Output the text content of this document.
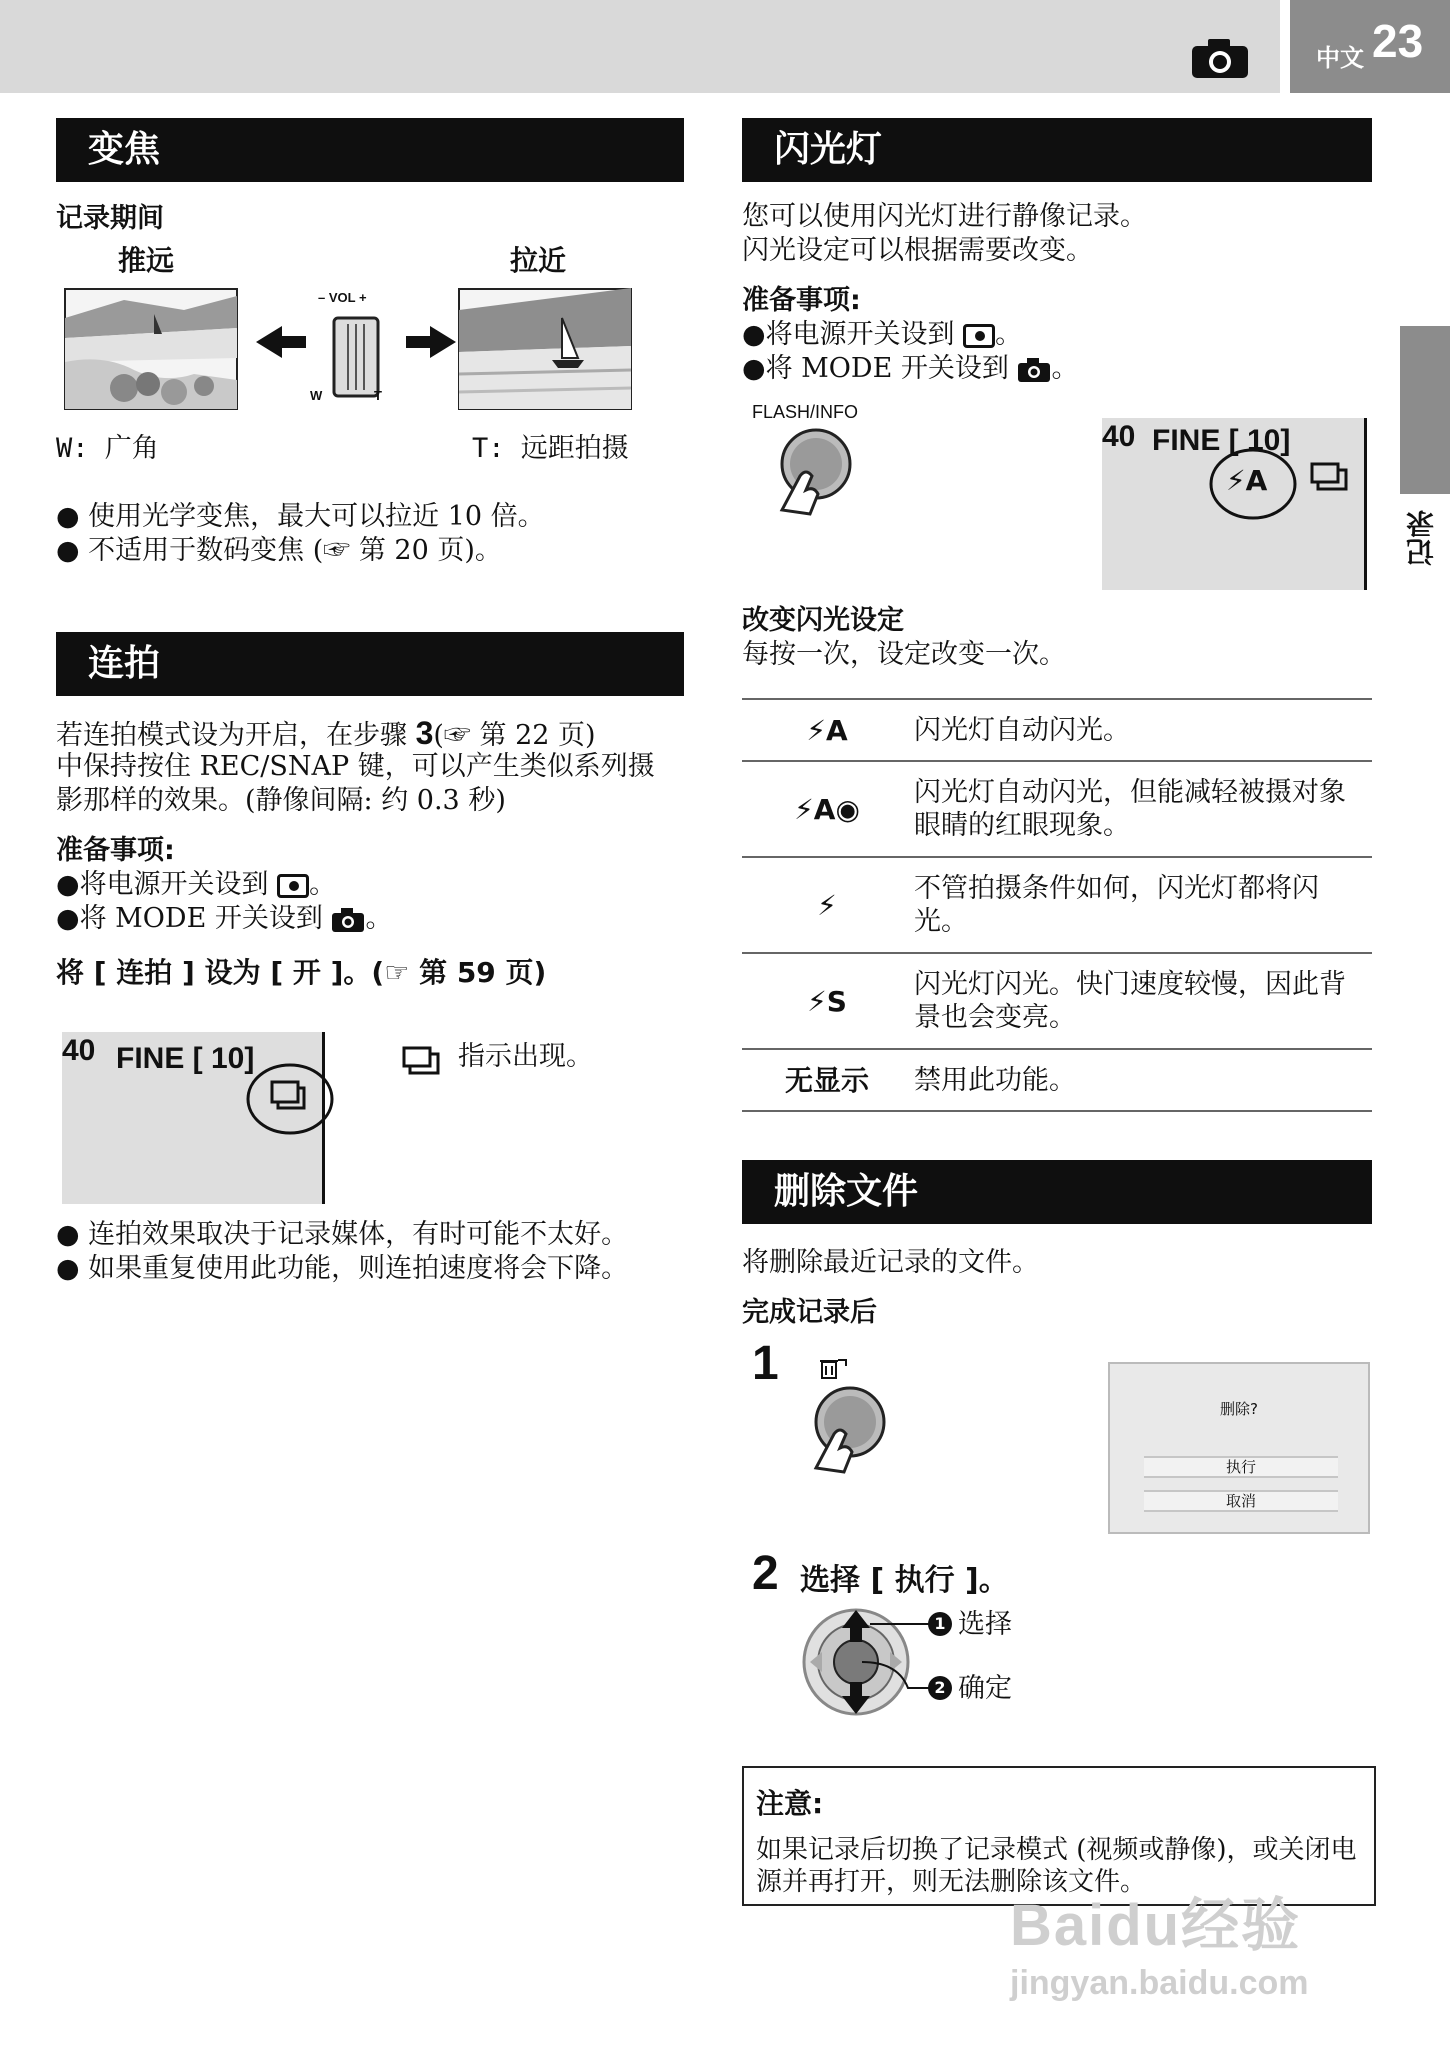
中文 23
记录
变焦
记录期间
推远	拉近
– VOL +
W	T
W: 广角	T: 远距拍摄
● 使用光学变焦，最大可以拉近 10 倍。
● 不适用于数码变焦 (☞ 第 20 页)。
连拍
若连拍模式设为开启，在步骤 3(☞ 第 22 页)
中保持按住 REC/SNAP 键，可以产生类似系列摄
影那样的效果。(静像间隔: 约 0.3 秒)
准备事项:
●将电源开关设到
。
●将 MODE 开关设到 。
将 [ 连拍 ] 设为 [ 开 ]。(☞ 第 59 页)
40 FINE [ 10]	指示出现。
● 连拍效果取决于记录媒体，有时可能不太好。
● 如果重复使用此功能，则连拍速度将会下降。
闪光灯
您可以使用闪光灯进行静像记录。
闪光设定可以根据需要改变。
准备事项:
●将电源开关设到
。
●将 MODE 开关设到 。
FLASH/INFO
40 FINE [ 10]
⚡A
改变闪光设定
每按一次，设定改变一次。
⚡A	闪光灯自动闪光。
⚡A◉	闪光灯自动闪光，但能减轻被摄对象眼睛的红眼现象。
⚡	不管拍摄条件如何，闪光灯都将闪光。
⚡S	闪光灯闪光。快门速度较慢，因此背景也会变亮。
无显示	禁用此功能。
删除文件
将删除最近记录的文件。
完成记录后
1
删除?
执行
取消
2 选择 [ 执行 ]。
1 选择
2 确定
注意:
如果记录后切换了记录模式 (视频或静像)，或关闭电源并再打开，则无法删除该文件。
Baidu经验
jingyan.baidu.com
